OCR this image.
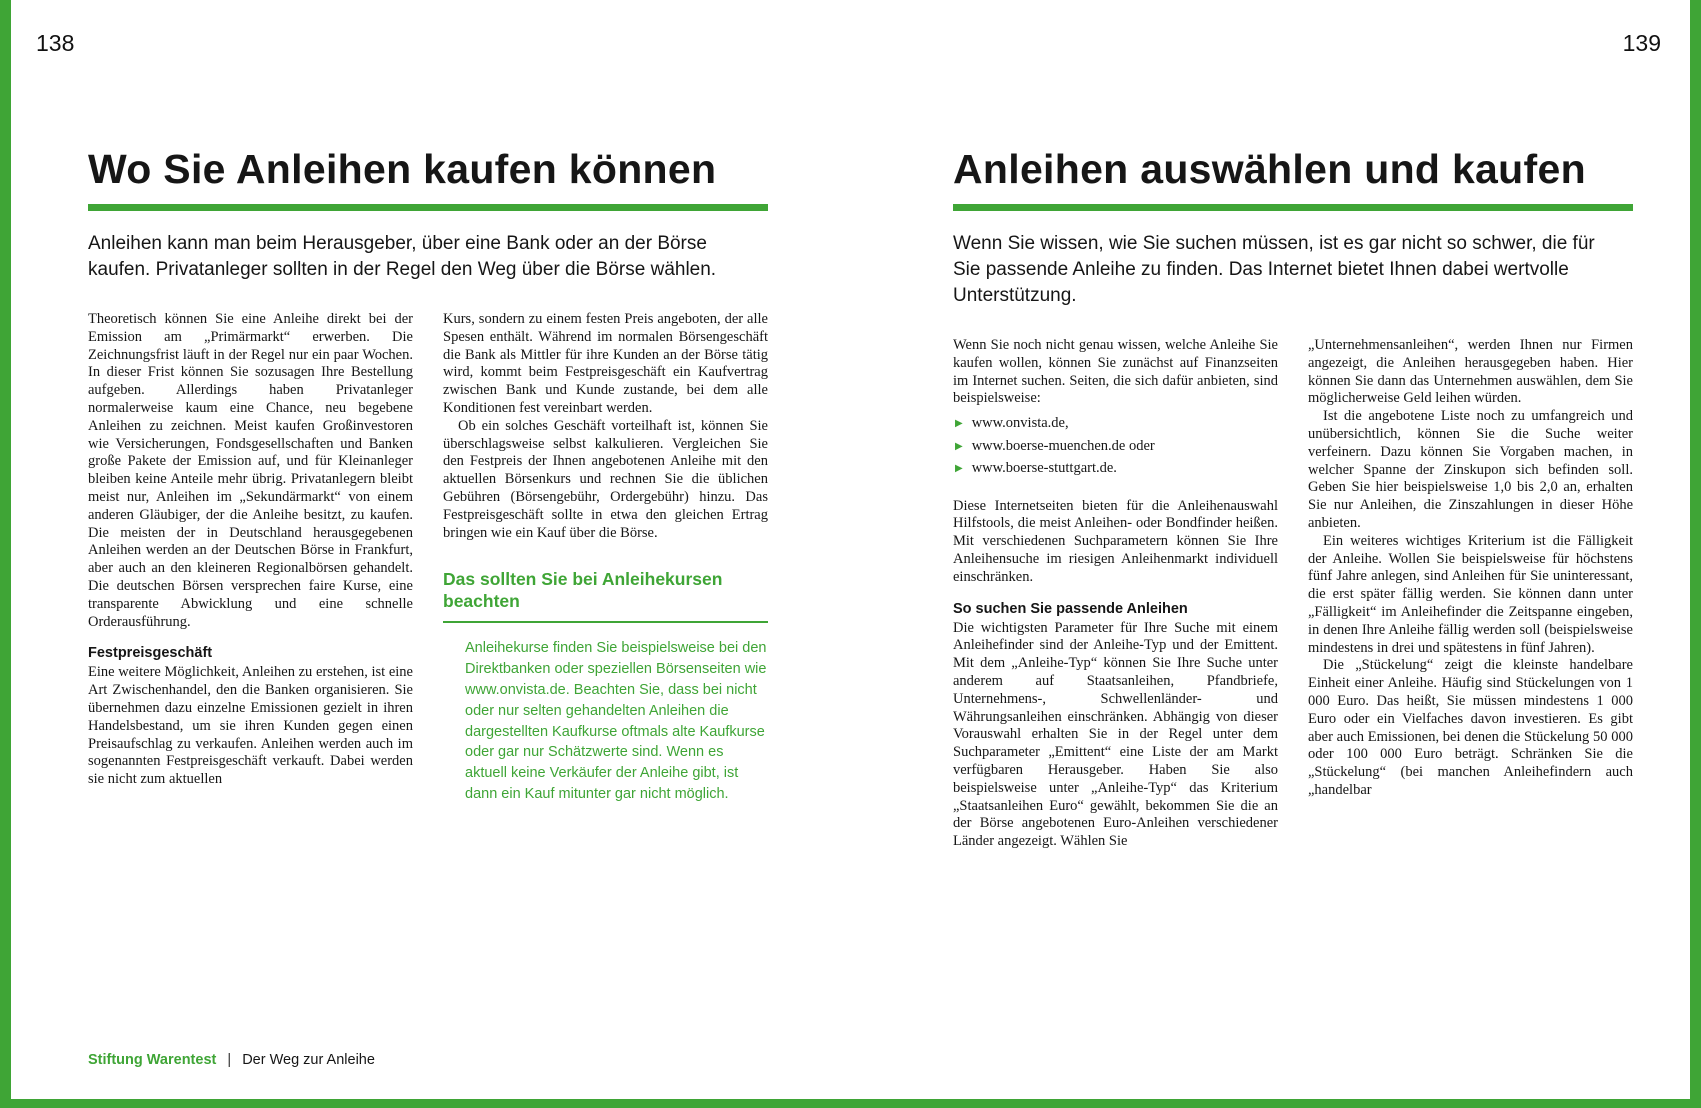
138	139
Wo Sie Anleihen kaufen können

Anleihen kann man beim Herausgeber, über eine Bank oder an der Börse kaufen. Privatanleger sollten in der Regel den Weg über die Börse wählen.

Theoretisch können Sie eine Anleihe direkt bei der Emission am „Primärmarkt“ erwerben. Die Zeichnungsfrist läuft in der Regel nur ein paar Wochen. In dieser Frist können Sie sozusagen Ihre Bestellung aufgeben. Allerdings haben Privatanleger normalerweise kaum eine Chance, neu begebene Anleihen zu zeichnen. Meist kaufen Großinvestoren wie Versicherungen, Fondsgesellschaften und Banken große Pakete der Emission auf, und für Kleinanleger bleiben keine Anteile mehr übrig. Privatanlegern bleibt meist nur, Anleihen im „Sekundärmarkt“ von einem anderen Gläubiger, der die Anleihe besitzt, zu kaufen. Die meisten der in Deutschland herausgegebenen Anleihen werden an der Deutschen Börse in Frankfurt, aber auch an den kleineren Regionalbörsen gehandelt. Die deutschen Börsen versprechen faire Kurse, eine transparente Abwicklung und eine schnelle Orderausführung.

Festpreisgeschäft

Eine weitere Möglichkeit, Anleihen zu erstehen, ist eine Art Zwischenhandel, den die Banken organisieren. Sie übernehmen dazu einzelne Emissionen gezielt in ihren Handelsbestand, um sie ihren Kunden gegen einen Preisaufschlag zu verkaufen. Anleihen werden auch im sogenannten Festpreisgeschäft verkauft. Dabei werden sie nicht zum aktuellen

Kurs, sondern zu einem festen Preis angeboten, der alle Spesen enthält. Während im normalen Börsengeschäft die Bank als Mittler für ihre Kunden an der Börse tätig wird, kommt beim Festpreisgeschäft ein Kaufvertrag zwischen Bank und Kunde zustande, bei dem alle Konditionen fest vereinbart werden.

Ob ein solches Geschäft vorteilhaft ist, können Sie überschlagsweise selbst kalkulieren. Vergleichen Sie den Festpreis der Ihnen angebotenen Anleihe mit den aktuellen Börsenkurs und rechnen Sie die üblichen Gebühren (Börsengebühr, Ordergebühr) hinzu. Das Festpreisgeschäft sollte in etwa den gleichen Ertrag bringen wie ein Kauf über die Börse.

Das sollten Sie bei Anleihekursen beachten

Anleihekurse finden Sie beispielsweise bei den Direktbanken oder speziellen Börsenseiten wie www.onvista.de. Beachten Sie, dass bei nicht oder nur selten gehandelten Anleihen die dargestellten Kaufkurse oftmals alte Kaufkurse oder gar nur Schätzwerte sind. Wenn es aktuell keine Verkäufer der Anleihe gibt, ist dann ein Kauf mitunter gar nicht möglich.

Anleihen auswählen und kaufen

Wenn Sie wissen, wie Sie suchen müssen, ist es gar nicht so schwer, die für Sie passende Anleihe zu finden. Das Internet bietet Ihnen dabei wertvolle Unterstützung.

Wenn Sie noch nicht genau wissen, welche Anleihe Sie kaufen wollen, können Sie zunächst auf Finanzseiten im Internet suchen. Seiten, die sich dafür anbieten, sind beispielsweise:

▶ www.onvista.de,
▶ www.boerse-muenchen.de oder
▶ www.boerse-stuttgart.de.

Diese Internetseiten bieten für die Anleihenauswahl Hilfstools, die meist Anleihen- oder Bondfinder heißen. Mit verschiedenen Suchparametern können Sie Ihre Anleihensuche im riesigen Anleihenmarkt individuell einschränken.

So suchen Sie passende Anleihen

Die wichtigsten Parameter für Ihre Suche mit einem Anleihefinder sind der Anleihe-Typ und der Emittent. Mit dem „Anleihe-Typ“ können Sie Ihre Suche unter anderem auf Staatsanleihen, Pfandbriefe, Unternehmens-, Schwellenländer- und Währungsanleihen einschränken. Abhängig von dieser Vorauswahl erhalten Sie in der Regel unter dem Suchparameter „Emittent“ eine Liste der am Markt verfügbaren Herausgeber. Haben Sie also beispielsweise unter „Anleihe-Typ“ das Kriterium „Staatsanleihen Euro“ gewählt, bekommen Sie die an der Börse angebotenen Euro-Anleihen verschiedener Länder angezeigt. Wählen Sie

„Unternehmensanleihen“, werden Ihnen nur Firmen angezeigt, die Anleihen herausgegeben haben. Hier können Sie dann das Unternehmen auswählen, dem Sie möglicherweise Geld leihen würden.

Ist die angebotene Liste noch zu umfangreich und unübersichtlich, können Sie die Suche weiter verfeinern. Dazu können Sie Vorgaben machen, in welcher Spanne der Zinskupon sich befinden soll. Geben Sie hier beispielsweise 1,0 bis 2,0 an, erhalten Sie nur Anleihen, die Zinszahlungen in dieser Höhe anbieten.

Ein weiteres wichtiges Kriterium ist die Fälligkeit der Anleihe. Wollen Sie beispielsweise für höchstens fünf Jahre anlegen, sind Anleihen für Sie uninteressant, die erst später fällig werden. Sie können dann unter „Fälligkeit“ im Anleihefinder die Zeitspanne eingeben, in denen Ihre Anleihe fällig werden soll (beispielsweise mindestens in drei und spätestens in fünf Jahren).

Die „Stückelung“ zeigt die kleinste handelbare Einheit einer Anleihe. Häufig sind Stückelungen von 1 000 Euro. Das heißt, Sie müssen mindestens 1 000 Euro oder ein Vielfaches davon investieren. Es gibt aber auch Emissionen, bei denen die Stückelung 50 000 oder 100 000 Euro beträgt. Schränken Sie die „Stückelung“ (bei manchen Anleihefindern auch „handelbar

Stiftung Warentest | Der Weg zur Anleihe
